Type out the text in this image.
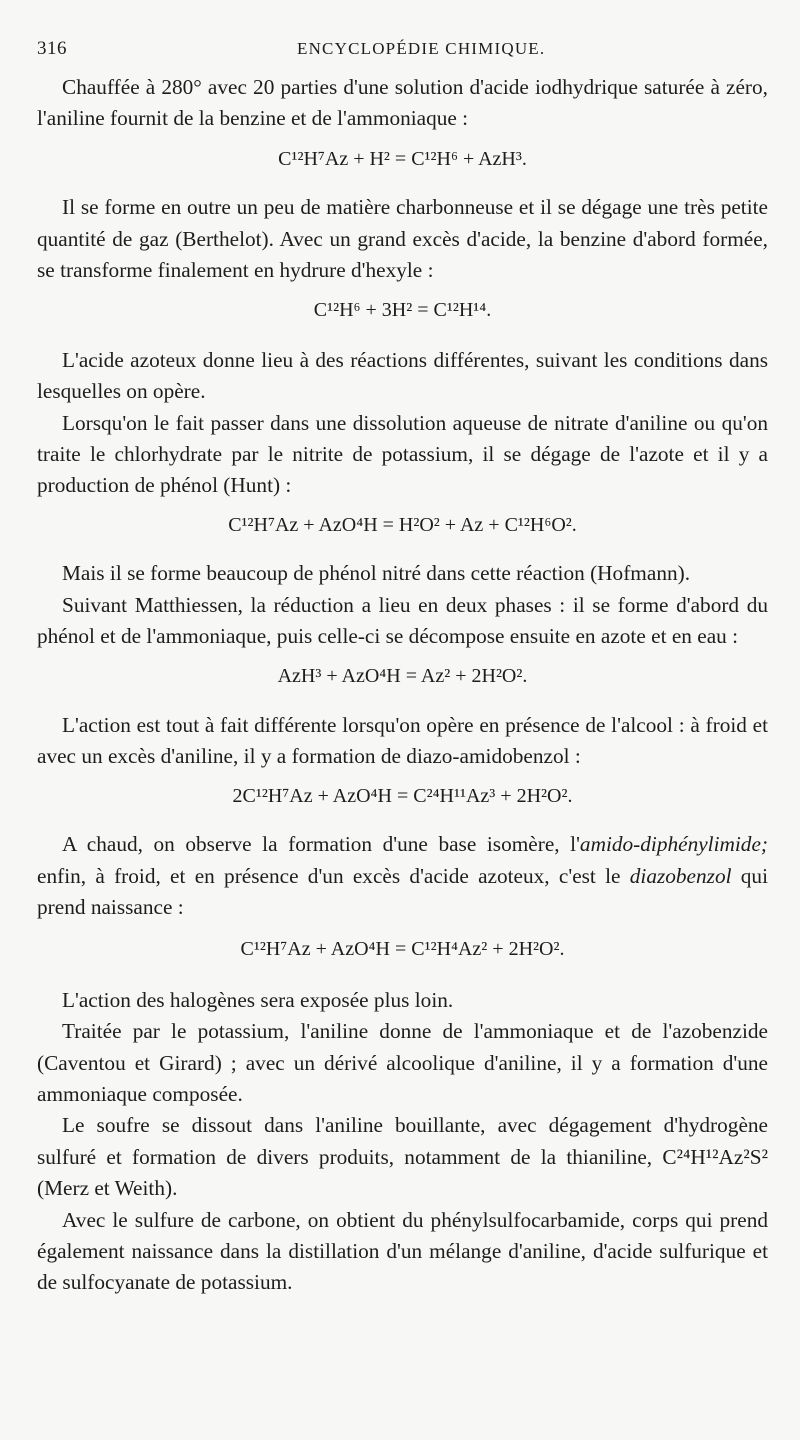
316	ENCYCLOPÉDIE CHIMIQUE.

Chauffée à 280° avec 20 parties d'une solution d'acide iodhydrique saturée à zéro, l'aniline fournit de la benzine et de l'ammoniaque :

C¹²H⁷Az + H² = C¹²H⁶ + AzH³.

Il se forme en outre un peu de matière charbonneuse et il se dégage une très petite quantité de gaz (Berthelot). Avec un grand excès d'acide, la benzine d'abord formée, se transforme finalement en hydrure d'hexyle :

C¹²H⁶ + 3H² = C¹²H¹⁴.

L'acide azoteux donne lieu à des réactions différentes, suivant les conditions dans lesquelles on opère.

Lorsqu'on le fait passer dans une dissolution aqueuse de nitrate d'aniline ou qu'on traite le chlorhydrate par le nitrite de potassium, il se dégage de l'azote et il y a production de phénol (Hunt) :

C¹²H⁷Az + AzO⁴H = H²O² + Az + C¹²H⁶O².

Mais il se forme beaucoup de phénol nitré dans cette réaction (Hofmann).

Suivant Matthiessen, la réduction a lieu en deux phases : il se forme d'abord du phénol et de l'ammoniaque, puis celle-ci se décompose ensuite en azote et en eau :

AzH³ + AzO⁴H = Az² + 2H²O².

L'action est tout à fait différente lorsqu'on opère en présence de l'alcool : à froid et avec un excès d'aniline, il y a formation de diazo-amidobenzol :

2C¹²H⁷Az + AzO⁴H = C²⁴H¹¹Az³ + 2H²O².

A chaud, on observe la formation d'une base isomère, l'amido-diphénylimide; enfin, à froid, et en présence d'un excès d'acide azoteux, c'est le diazobenzol qui prend naissance :

C¹²H⁷Az + AzO⁴H = C¹²H⁴Az² + 2H²O².

L'action des halogènes sera exposée plus loin.

Traitée par le potassium, l'aniline donne de l'ammoniaque et de l'azobenzide (Caventou et Girard) ; avec un dérivé alcoolique d'aniline, il y a formation d'une ammoniaque composée.

Le soufre se dissout dans l'aniline bouillante, avec dégagement d'hydrogène sulfuré et formation de divers produits, notamment de la thianiline, C²⁴H¹²Az²S² (Merz et Weith).

Avec le sulfure de carbone, on obtient du phénylsulfocarbamide, corps qui prend également naissance dans la distillation d'un mélange d'aniline, d'acide sulfurique et de sulfocyanate de potassium.
